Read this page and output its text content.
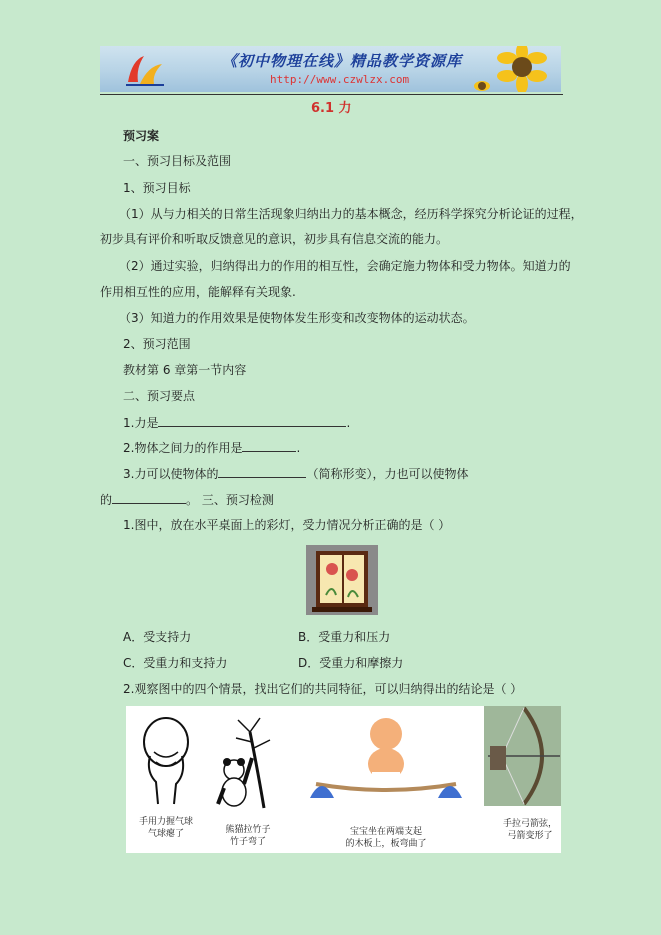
《初中物理在线》精品教学资源库
http://www.czwlzx.com
6.1 力
预习案
一、预习目标及范围
1、预习目标
（1）从与力相关的日常生活现象归纳出力的基本概念，经历科学探究分析论证的过程，
初步具有评价和听取反馈意见的意识，初步具有信息交流的能力。
（2）通过实验，归纳得出力的作用的相互性，会确定施力物体和受力物体。知道力的
作用相互性的应用，能解释有关现象.
（3）知道力的作用效果是使物体发生形变和改变物体的运动状态。
2、预习范围
教材第 6 章第一节内容
二、预习要点
1.力是	.
2.物体之间力的作用是	.
3.力可以使物体的	（简称形变），力也可以使物体
的	。 三、预习检测
1.图中，放在水平桌面上的彩灯，受力情况分析正确的是（ ）
A．受支持力	B．受重力和压力
C．受重力和支持力	D．受重力和摩擦力
2.观察图中的四个情景，找出它们的共同特征，可以归纳得出的结论是（ ）
手用力握气球
气球瘪了	熊猫拉竹子
竹子弯了
宝宝坐在两端支起
的木板上，板弯曲了
手拉弓箭弦，
弓箭变形了
